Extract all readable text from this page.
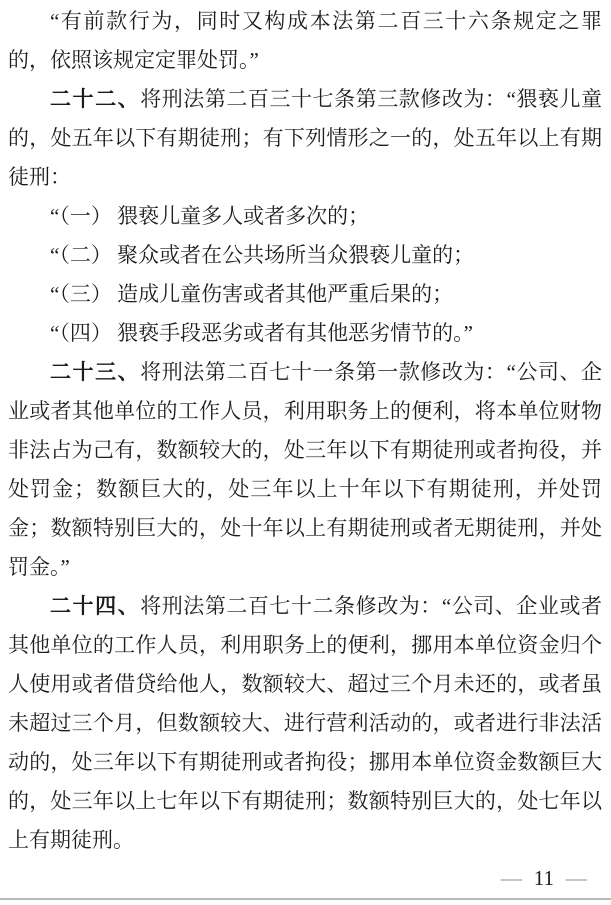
“有前款行为，同时又构成本法第二百三十六条规定之罪的，依照该规定定罪处罚。”

二十二、将刑法第二百三十七条第三款修改为：“猥亵儿童的，处五年以下有期徒刑；有下列情形之一的，处五年以上有期徒刑：

“（一） 猥亵儿童多人或者多次的；

“（二） 聚众或者在公共场所当众猥亵儿童的；

“（三） 造成儿童伤害或者其他严重后果的；

“（四） 猥亵手段恶劣或者有其他恶劣情节的。”

二十三、将刑法第二百七十一条第一款修改为：“公司、企业或者其他单位的工作人员，利用职务上的便利，将本单位财物非法占为己有，数额较大的，处三年以下有期徒刑或者拘役，并处罚金；数额巨大的，处三年以上十年以下有期徒刑，并处罚金；数额特别巨大的，处十年以上有期徒刑或者无期徒刑，并处罚金。”

二十四、将刑法第二百七十二条修改为：“公司、企业或者其他单位的工作人员，利用职务上的便利，挪用本单位资金归个人使用或者借贷给他人，数额较大、超过三个月未还的，或者虽未超过三个月，但数额较大、进行营利活动的，或者进行非法活动的，处三年以下有期徒刑或者拘役；挪用本单位资金数额巨大的，处三年以上七年以下有期徒刑；数额特别巨大的，处七年以上有期徒刑。

— 11 —
